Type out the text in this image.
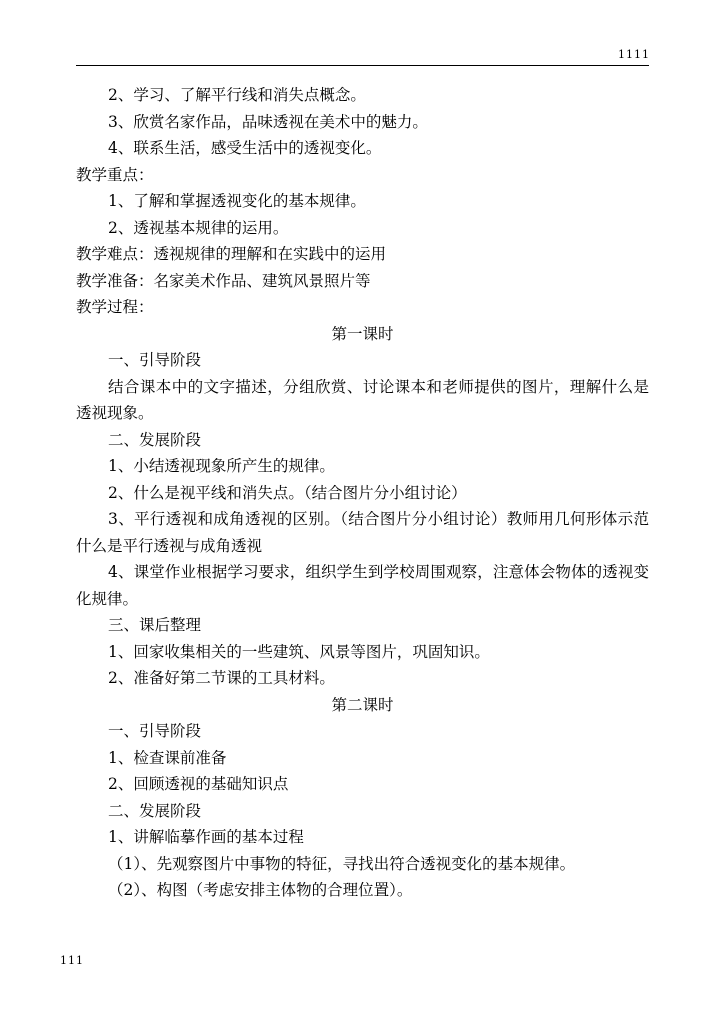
1111
2、学习、了解平行线和消失点概念。
3、欣赏名家作品，品味透视在美术中的魅力。
4、联系生活，感受生活中的透视变化。
教学重点：
1、了解和掌握透视变化的基本规律。
2、透视基本规律的运用。
教学难点：透视规律的理解和在实践中的运用
教学准备：名家美术作品、建筑风景照片等
教学过程：
第一课时
一、引导阶段
结合课本中的文字描述，分组欣赏、讨论课本和老师提供的图片，理解什么是透视现象。
二、发展阶段
1、小结透视现象所产生的规律。
2、什么是视平线和消失点。（结合图片分小组讨论）
3、平行透视和成角透视的区别。（结合图片分小组讨论）教师用几何形体示范什么是平行透视与成角透视
4、课堂作业根据学习要求，组织学生到学校周围观察，注意体会物体的透视变化规律。
三、课后整理
1、回家收集相关的一些建筑、风景等图片，巩固知识。
2、准备好第二节课的工具材料。
第二课时
一、引导阶段
1、检查课前准备
2、回顾透视的基础知识点
二、发展阶段
1、讲解临摹作画的基本过程
（1）、先观察图片中事物的特征，寻找出符合透视变化的基本规律。
（2）、构图（考虑安排主体物的合理位置）。
111
